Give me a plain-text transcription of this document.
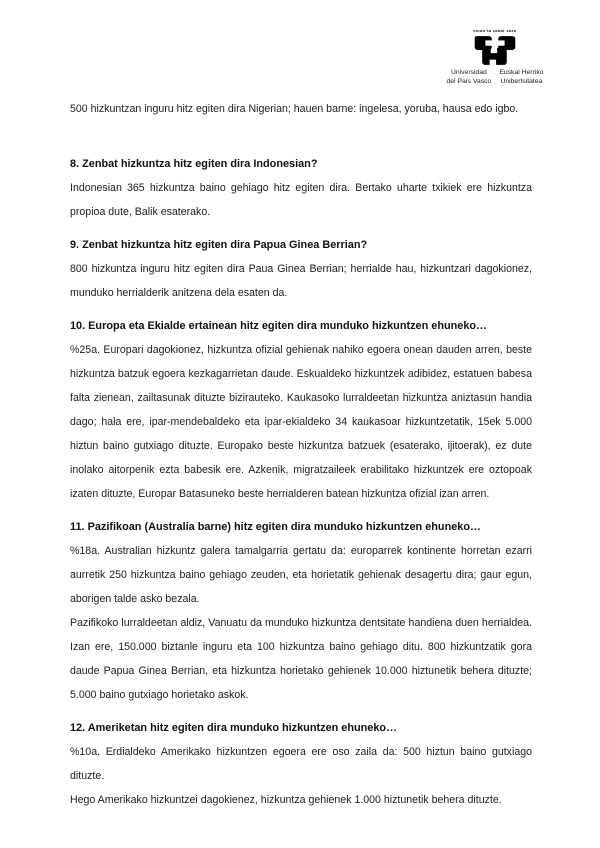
eman ta zabal zazu
Universidad
del País Vasco
Euskal Herriko
Unibertsitatea

500 hizkuntzan inguru hitz egiten dira Nigerian; hauen barne: ingelesa, yoruba, hausa edo igbo.

8. Zenbat hizkuntza hitz egiten dira Indonesian?

Indonesian 365 hizkuntza baino gehiago hitz egiten dira. Bertako uharte txikiek ere hizkuntza propioa dute, Balik esaterako.

9. Zenbat hizkuntza hitz egiten dira Papua Ginea Berrian?

800 hizkuntza inguru hitz egiten dira Paua Ginea Berrian; herrialde hau, hizkuntzari dagokionez, munduko herrialderik anitzena dela esaten da.

10. Europa eta Ekialde ertainean hitz egiten dira munduko hizkuntzen ehuneko…

%25a. Europari dagokionez, hizkuntza ofizial gehienak nahiko egoera onean dauden arren, beste hizkuntza batzuk egoera kezkagarrietan daude. Eskualdeko hizkuntzek adibidez, estatuen babesa falta zienean, zailtasunak dituzte bizirauteko. Kaukasoko lurraldeetan hizkuntza aniztasun handia dago; hala ere, ipar-mendebaldeko eta ipar-ekialdeko 34 kaukasoar hizkuntzetatik, 15ek 5.000 hiztun baino gutxiago dituzte. Europako beste hizkuntza batzuek (esaterako, ijitoerak), ez dute inolako aitorpenik ezta babesik ere. Azkenik, migratzaileek erabilitako hizkuntzek ere oztopoak izaten dituzte, Europar Batasuneko beste herrialderen batean hizkuntza ofizial izan arren.

11. Pazifikoan (Australia barne) hitz egiten dira munduko hizkuntzen ehuneko…

%18a. Australian hizkuntz galera tamalgarria gertatu da: europarrek kontinente horretan ezarri aurretik 250 hizkuntza baino gehiago zeuden, eta horietatik gehienak desagertu dira; gaur egun, aborigen talde asko bezala.

Pazifikoko lurraldeetan aldiz, Vanuatu da munduko hizkuntza dentsitate handiena duen herrialdea. Izan ere, 150.000 biztanle inguru eta 100 hizkuntza baino gehiago ditu. 800 hizkuntzatik gora daude Papua Ginea Berrian, eta hizkuntza horietako gehienek 10.000 hiztunetik behera dituzte; 5.000 baino gutxiago horietako askok.

12. Ameriketan hitz egiten dira munduko hizkuntzen ehuneko…

%10a. Erdialdeko Amerikako hizkuntzen egoera ere oso zaila da: 500 hiztun baino gutxiago dituzte.

Hego Amerikako hizkuntzei dagokienez, hizkuntza gehienek 1.000 hiztunetik behera dituzte.
